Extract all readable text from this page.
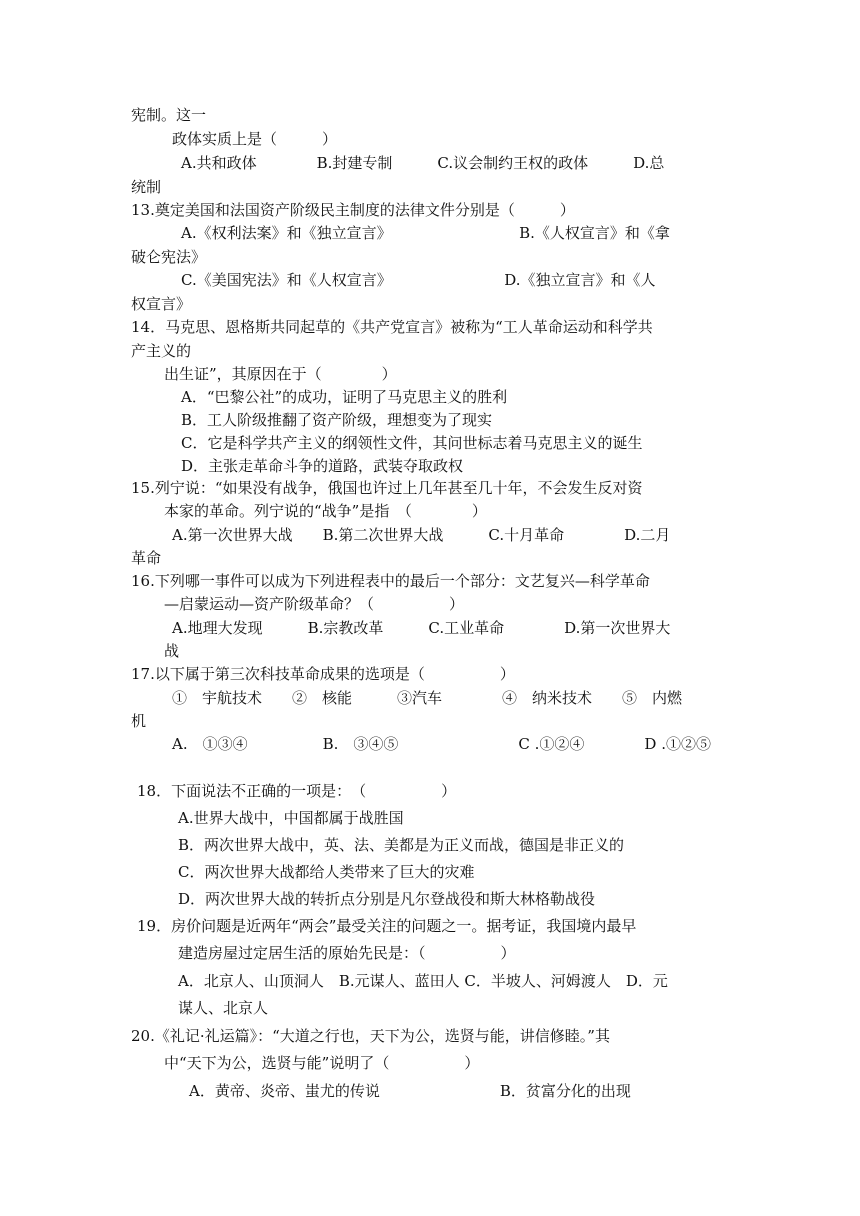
宪制。这一
政体实质上是（　　　）
A.共和政体　　　　B.封建专制　　　C.议会制约王权的政体　　　D.总
统制
13.奠定美国和法国资产阶级民主制度的法律文件分别是（　　　）
A.《权利法案》和《独立宣言》　　　　　　　　　B.《人权宣言》和《拿
破仑宪法》
C.《美国宪法》和《人权宣言》　　　　　　　　D.《独立宣言》和《人
权宣言》
14．马克思、恩格斯共同起草的《共产党宣言》被称为“工人革命运动和科学共
产主义的
出生证”，其原因在于（　　　　）
A．“巴黎公社”的成功，证明了马克思主义的胜利
B．工人阶级推翻了资产阶级，理想变为了现实
C．它是科学共产主义的纲领性文件，其问世标志着马克思主义的诞生
D．主张走革命斗争的道路，武装夺取政权
15.列宁说：“如果没有战争，俄国也许过上几年甚至几十年，不会发生反对资
本家的革命。列宁说的“战争”是指　（　　　　）
A.第一次世界大战　　B.第二次世界大战　　　C.十月革命　　　　D.二月
革命
16.下列哪一事件可以成为下列进程表中的最后一个部分：文艺复兴—科学革命
—启蒙运动—资产阶级革命？（　　　　　）
A.地理大发现　　　B.宗教改革　　　C.工业革命　　　　D.第一次世界大
战
17.以下属于第三次科技革命成果的选项是（　　　　　）
①　宇航技术　　②　核能　　　③汽车　　　　④　纳米技术　　⑤　内燃
机
A.　①③④　　　　　B.　③④⑤　　　　　　　　C .①②④　　　　D .①②⑤
18．下面说法不正确的一项是：　（　　　　　）
A.世界大战中，中国都属于战胜国
B．两次世界大战中，英、法、美都是为正义而战，德国是非正义的
C．两次世界大战都给人类带来了巨大的灾难
D．两次世界大战的转折点分别是凡尔登战役和斯大林格勒战役
19．房价问题是近两年“两会”最受关注的问题之一。据考证，我国境内最早
建造房屋过定居生活的原始先民是：（　　　　　）
A．北京人、山顶洞人　B.元谋人、蓝田人 C．半坡人、河姆渡人　D．元
谋人、北京人
20.《礼记·礼运篇》：“大道之行也，天下为公，选贤与能，讲信修睦。”其
中“天下为公，选贤与能”说明了（　　　　　）
A．黄帝、炎帝、蚩尤的传说　　　　　　　　B．贫富分化的出现
